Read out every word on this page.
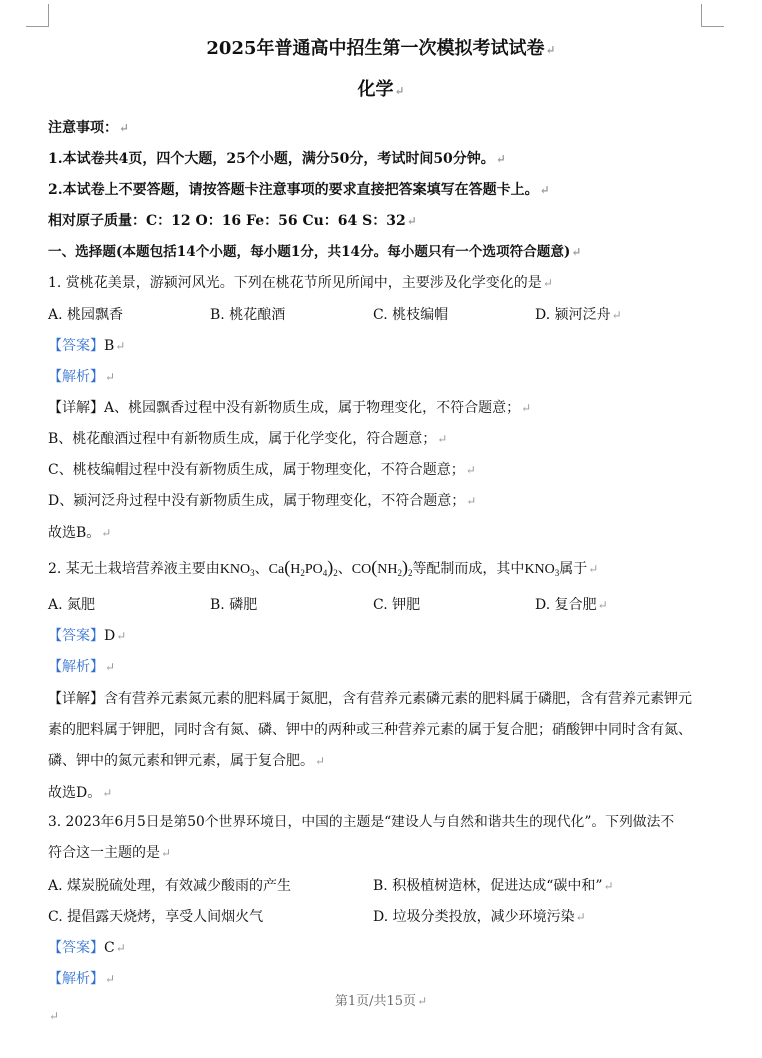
2025年普通高中招生第一次模拟考试试卷↵
化学↵
注意事项：↵
1.本试卷共4页，四个大题，25个小题，满分50分，考试时间50分钟。↵
2.本试卷上不要答题，请按答题卡注意事项的要求直接把答案填写在答题卡上。↵
相对原子质量：C：12 O：16 Fe：56 Cu：64 S：32↵
一、选择题(本题包括14个小题，每小题1分，共14分。每小题只有一个选项符合题意)↵
1. 赏桃花美景，游颍河风光。下列在桃花节所见所闻中，主要涉及化学变化的是↵
A. 桃园飘香	B. 桃花酿酒	C. 桃枝编帽	D. 颍河泛舟↵
【答案】B↵
【解析】↵
【详解】A、桃园飘香过程中没有新物质生成，属于物理变化，不符合题意；↵
B、桃花酿酒过程中有新物质生成，属于化学变化，符合题意；↵
C、桃枝编帽过程中没有新物质生成，属于物理变化，不符合题意；↵
D、颍河泛舟过程中没有新物质生成，属于物理变化，不符合题意；↵
故选B。↵
2. 某无土栽培营养液主要由$KNO_3$、$Ca(H_2PO_4)_2$、$CO(NH_2)_2$等配制而成，其中$KNO_3$属于↵
A. 氮肥	B. 磷肥	C. 钾肥	D. 复合肥↵
【答案】D↵
【解析】↵
【详解】含有营养元素氮元素的肥料属于氮肥，含有营养元素磷元素的肥料属于磷肥，含有营养元素钾元
素的肥料属于钾肥，同时含有氮、磷、钾中的两种或三种营养元素的属于复合肥；硝酸钾中同时含有氮、
磷、钾中的氮元素和钾元素，属于复合肥。↵
故选D。↵
3. 2023年6月5日是第50个世界环境日，中国的主题是“建设人与自然和谐共生的现代化”。下列做法不
符合这一主题的是↵
A. 煤炭脱硫处理，有效减少酸雨的产生	B. 积极植树造林，促进达成“碳中和”↵
C. 提倡露天烧烤，享受人间烟火气	D. 垃圾分类投放，减少环境污染↵
【答案】C↵
【解析】↵
第1页/共15页↵
↵
